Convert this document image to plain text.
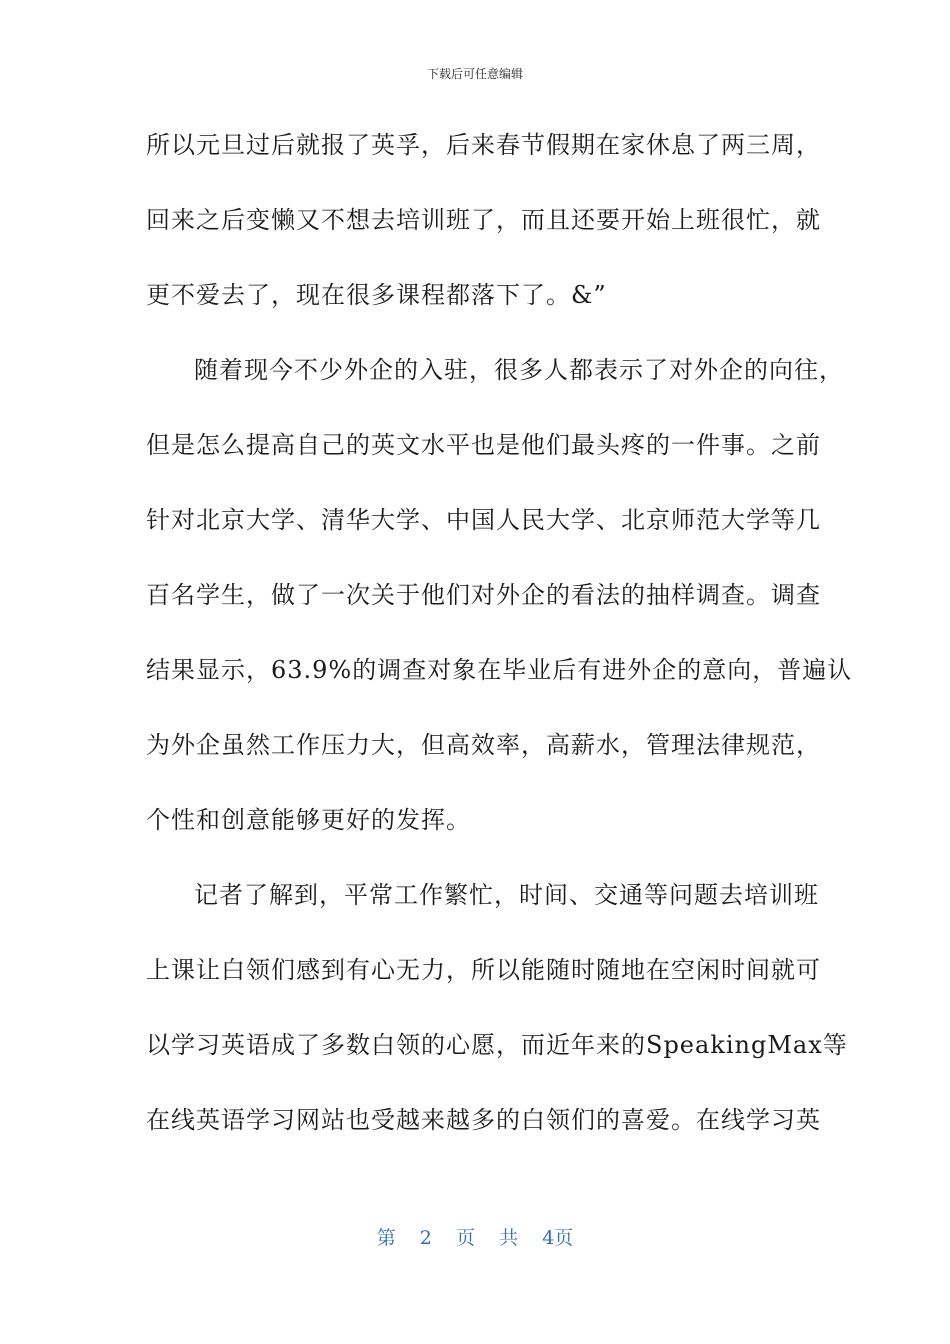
下载后可任意编辑
所以元旦过后就报了英孚，后来春节假期在家休息了两三周，
回来之后变懒又不想去培训班了，而且还要开始上班很忙，就
更不爱去了，现在很多课程都落下了。&”
随着现今不少外企的入驻，很多人都表示了对外企的向往，
但是怎么提高自己的英文水平也是他们最头疼的一件事。之前
针对北京大学、清华大学、中国人民大学、北京师范大学等几
百名学生，做了一次关于他们对外企的看法的抽样调查。调查
结果显示，63.9%的调查对象在毕业后有进外企的意向，普遍认
为外企虽然工作压力大，但高效率，高薪水，管理法律规范，
个性和创意能够更好的发挥。
记者了解到，平常工作繁忙，时间、交通等问题去培训班
上课让白领们感到有心无力，所以能随时随地在空闲时间就可
以学习英语成了多数白领的心愿，而近年来的SpeakingMax等
在线英语学习网站也受越来越多的白领们的喜爱。在线学习英
第 2 页 共 4页
